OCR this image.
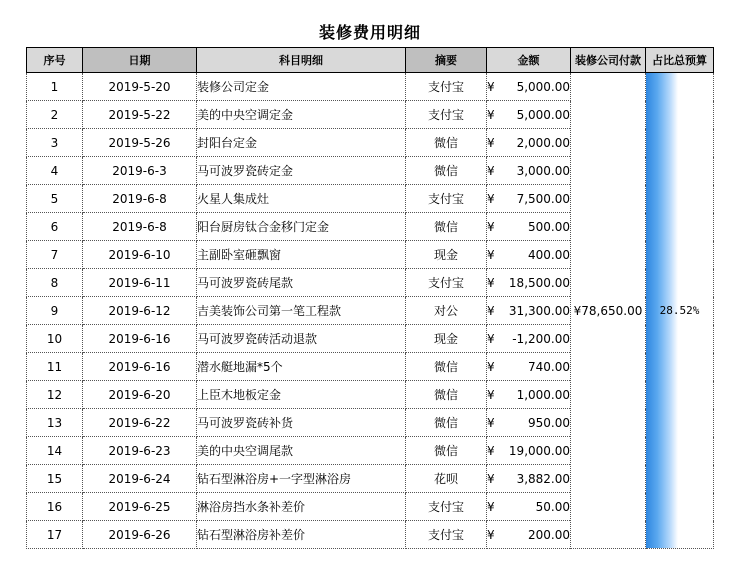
装修费用明细
序号	日期	科目明细	摘要	金额	装修公司付款	占比总预算
1	2019-5-20	装修公司定金	支付宝	¥ 5,000.00	¥78,650.00	28.52%

2	2019-5-22	美的中央空调定金	支付宝	¥ 5,000.00		

3	2019-5-26	封阳台定金	微信	¥ 2,000.00		

4	2019-6-3	马可波罗瓷砖定金	微信	¥ 3,000.00		

5	2019-6-8	火星人集成灶	支付宝	¥ 7,500.00		

6	2019-6-8	阳台厨房钛合金移门定金	微信	¥ 500.00		

7	2019-6-10	主副卧室砸飘窗	现金	¥ 400.00		

8	2019-6-11	马可波罗瓷砖尾款	支付宝	¥ 18,500.00		

9	2019-6-12	吉美装饰公司第一笔工程款	对公	¥ 31,300.00		

10	2019-6-16	马可波罗瓷砖活动退款	现金	¥ -1,200.00		

11	2019-6-16	潜水艇地漏*5个	微信	¥ 740.00		

12	2019-6-20	上臣木地板定金	微信	¥ 1,000.00		

13	2019-6-22	马可波罗瓷砖补货	微信	¥ 950.00		

14	2019-6-23	美的中央空调尾款	微信	¥ 19,000.00		

15	2019-6-24	钻石型淋浴房+一字型淋浴房	花呗	¥ 3,882.00		

16	2019-6-25	淋浴房挡水条补差价	支付宝	¥ 50.00		

17	2019-6-26	钻石型淋浴房补差价	支付宝	¥ 200.00		
